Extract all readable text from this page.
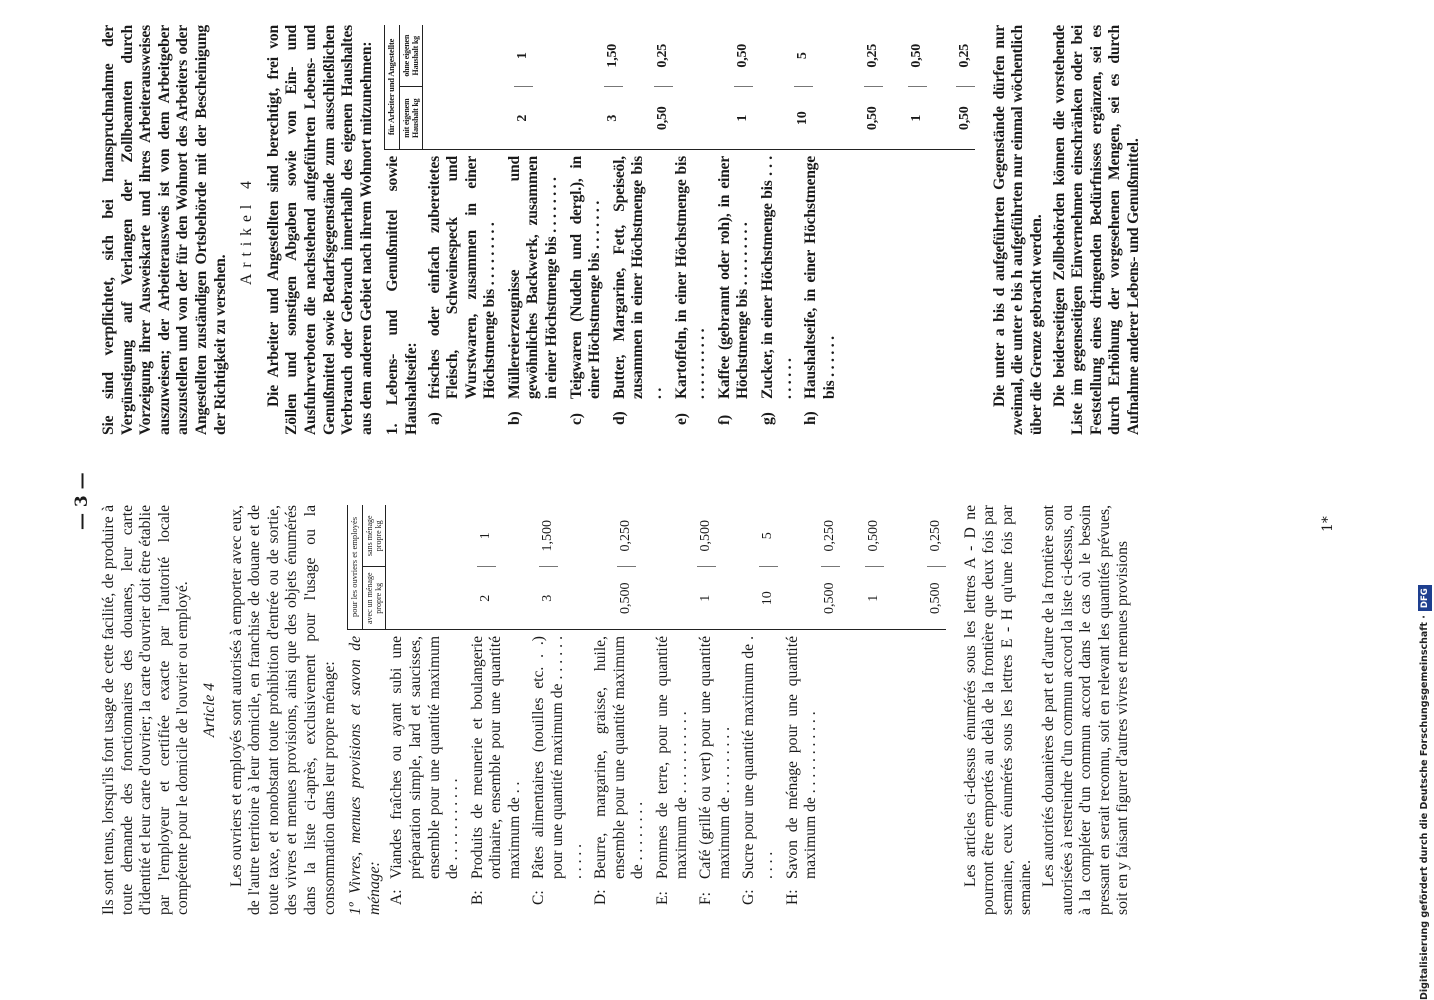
— 3 —

Ils sont tenus, lorsqu'ils font usage de cette facilité, de produire à toute demande des fonctionnaires des douanes, leur carte d'identité et leur carte d'ouvrier; la carte d'ouvrier doit être établie par l'employeur et certifiée exacte par l'autorité locale compétente pour le domicile de l'ouvrier ou employé. Article 4 Les ouvriers et employés sont autorisés à emporter avec eux, de l'autre territoire à leur domicile, en franchise de douane et de toute taxe, et nonobstant toute prohibition d'entrée ou de sortie, des vivres et menues provisions, ainsi que des objets énumérés dans la liste ci-après, exclusivement pour l'usage ou la consommation dans leur propre ménage: 1º Vivres, menues provisions et savon de ménage: A:
Viandes fraîches ou ayant subi une préparation simple, lard et saucisses, ensemble pour une quantité maximum de . . . . . . . . . . .
B:
Produits de meunerie et boulangerie ordinaire, ensemble pour une quantité maximum de . .
C:
Pâtes alimentaires (nouilles etc. . .) pour une quantité maximum de . . . . . . . . . . .
D:
Beurre, margarine, graisse, huile, ensemble pour une quantité maximum de . . . . . . . .
E:
Pommes de terre, pour une quantité maximum de . . . . . . . . . . .
F:
Café (grillé ou vert) pour une quantité maximum de . . . . . . . . .
G:
Sucre pour une quantité maximum de . . . . .
H:
Savon de ménage pour une quantité maximum de . . . . . . . . . . .
pour les ouvriers et employés avec un ménage propre kg
sans ménage propre kg
2
1
3
1,500
0,500
0,250
1
0,500
10
5
0,500
0,250
1
0,500
0,500
0,250 Les articles ci-dessus énumérés sous les lettres A - D ne pourront être emportés au delà de la frontière que deux fois par semaine, ceux énumérés sous les lettres E - H qu'une fois par semaine.

Les autorités douanières de part et d'autre de la frontière sont autorisées à restreindre d'un commun accord la liste ci-dessus, ou à la compléter d'un commun accord dans le cas où le besoin pressant en serait reconnu, soit en relevant les quantités prévues, soit en y faisant figurer d'autres vivres et menues provisions

Sie sind verpflichtet, sich bei Inanspruchnahme der Vergünstigung auf Verlangen der Zollbeamten durch Vorzeigung ihrer Ausweiskarte und ihres Arbeiterausweises auszuweisen; der Arbeiterausweis ist von dem Arbeitgeber auszustellen und von der für den Wohnort des Arbeiters oder Angestellten zuständigen Ortsbehörde mit der Bescheinigung der Richtigkeit zu versehen.

Artikel 4 Die Arbeiter und Angestellten sind berechtigt, frei von Zöllen und sonstigen Abgaben sowie von Ein- und Ausfuhrverboten die nachstehend aufgeführten Lebens- und Genußmittel sowie Bedarfsgegenstände zum ausschließlichen Verbrauch oder Gebrauch innerhalb des eigenen Haushaltes aus dem anderen Gebiet nach ihrem Wohnort mitzunehmen: 1. Lebens- und Genußmittel sowie Haushaltseife: a)
frisches oder einfach zubereitetes Fleisch, Schweinespeck und Wurstwaren, zusammen in einer Höchstmenge bis . . . . . . . . .
b)
Müllereierzeugnisse und gewöhnliches Backwerk, zusammen in einer Höchstmenge bis . . . . . . . .
c)
Teigwaren (Nudeln und dergl.), in einer Höchstmenge bis . . . . . . .
d)
Butter, Margarine, Fett, Speiseöl, zusammen in einer Höchstmenge bis . .
e)
Kartoffeln, in einer Höchstmenge bis . . . . . . . . . .
f)
Kaffee (gebrannt oder roh), in einer Höchstmenge bis . . . . . . . . .
g)
Zucker, in einer Höchstmenge bis . . . . . . . . .
h)
Haushaltseife, in einer Höchstmenge bis . . . . . .
für Arbeiter und Angestellte mit eigenem Haushalt kg
ohne eigenen Haushalt kg
2
1
3
1,50
0,50
0,25
1
0,50
10
5
0,50
0,25
1
0,50
0,50
0,25 Die unter a bis d aufgeführten Gegenstände dürfen nur zweimal, die unter e bis h aufgeführten nur einmal wöchentlich über die Grenze gebracht werden. Die beiderseitigen Zollbehörden können die vorstehende Liste im gegenseitigen Einvernehmen einschränken oder bei Feststellung eines dringenden Bedürfnisses ergänzen, sei es durch Erhöhung der vorgesehenen Mengen, sei es durch Aufnahme anderer Lebens- und Genußmittel.

1*
Digitalisierung gefördert durch die Deutsche Forschungsgemeinschaft ·DFG
